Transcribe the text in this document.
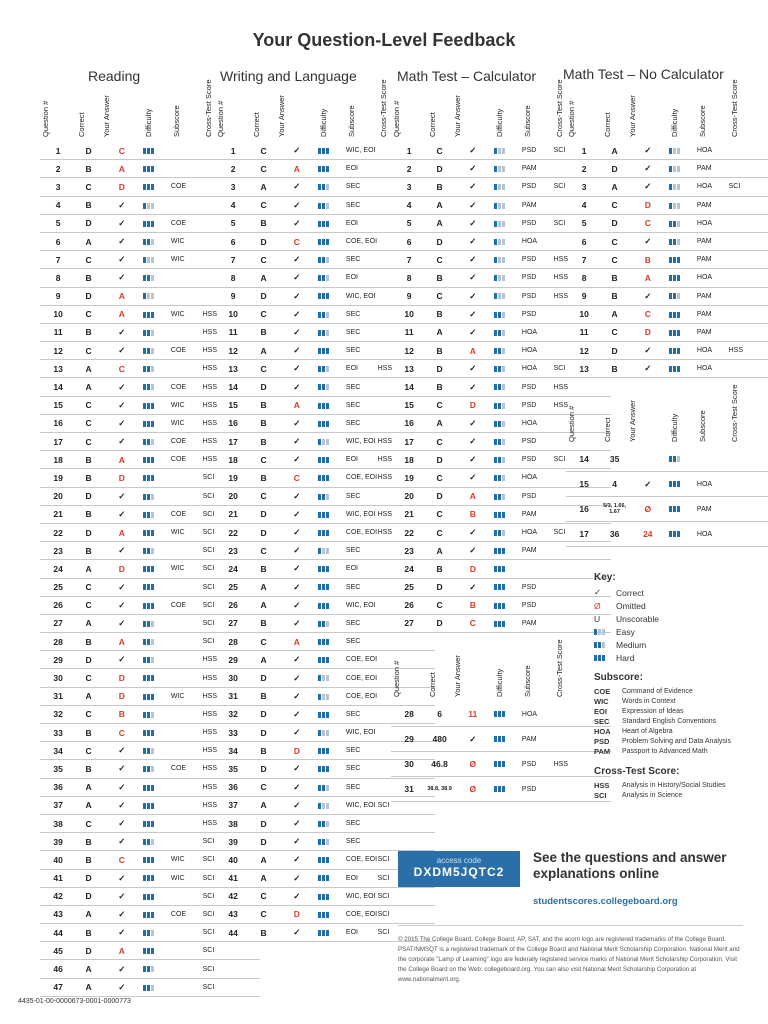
Your Question-Level Feedback
Reading	Writing and Language	Math Test – Calculator Math Test – No Calculator
Question #	Correct	Your Answer	Difficulty	Subscore	Cross-Test Score
1	D	C			
2	B	A			
3	C	D		COE	
4	B	✓			
5	D	✓		COE	
6	A	✓		WIC	
7	C	✓		WIC	
8	B	✓			
9	D	A			
10	C	A		WIC	HSS
11	B	✓			HSS
12	C	✓		COE	HSS
13	A	C			HSS
14	A	✓		COE	HSS
15	C	✓		WIC	HSS
16	C	✓		WIC	HSS
17	C	✓		COE	HSS
18	B	A		COE	HSS
19	B	D			SCI
20	D	✓			SCI
21	B	✓		COE	SCI
22	D	A		WIC	SCI
23	B	✓			SCI
24	A	D		WIC	SCI
25	C	✓			SCI
26	C	✓		COE	SCI
27	A	✓			SCI
28	B	A			SCI
29	D	✓			HSS
30	C	D			HSS
31	A	D		WIC	HSS
32	C	B			HSS
33	B	C			HSS
34	C	✓			HSS
35	B	✓		COE	HSS
36	A	✓			HSS
37	A	✓			HSS
38	C	✓			HSS
39	B	✓			SCI
40	B	C		WIC	SCI
41	D	✓		WIC	SCI
42	D	✓			SCI
43	A	✓		COE	SCI
44	B	✓			SCI
45	D	A			SCI
46	A	✓			SCI
47	A	✓			SCI
Question #	Correct	Your Answer	Difficulty	Subscore	Cross-Test Score
1	C	✓		WIC, EOI	
2	C	A		EOI	
3	A	✓		SEC	
4	C	✓		SEC	
5	B	✓		EOI	
6	D	C		COE, EOI	
7	C	✓		SEC	
8	A	✓		EOI	
9	D	✓		WIC, EOI	
10	C	✓		SEC	
11	B	✓		SEC	
12	A	✓		SEC	
13	C	✓		EOI	HSS
14	D	✓		SEC	
15	B	A		SEC	
16	B	✓		SEC	
17	B	✓		WIC, EOI	HSS
18	C	✓		EOI	HSS
19	B	C		COE, EOI	HSS
20	C	✓		SEC	
21	D	✓		WIC, EOI	HSS
22	D	✓		COE, EOI	HSS
23	C	✓		SEC	
24	B	✓		EOI	
25	A	✓		SEC	
26	A	✓		WIC, EOI	
27	B	✓		SEC	
28	C	A		SEC	
29	A	✓		COE, EOI	
30	D	✓		COE, EOI	
31	B	✓		COE, EOI	
32	D	✓		SEC	
33	D	✓		WIC, EOI	
34	B	D		SEC	
35	D	✓		SEC	
36	C	✓		SEC	
37	A	✓		WIC, EOI	SCI
38	D	✓		SEC	
39	D	✓		SEC	
40	A	✓		COE, EOI	SCI
41	A	✓		EOI	SCI
42	C	✓		WIC, EOI	SCI
43	C	D		COE, EOI	SCI
44	B	✓		EOI	SCI
Question #	Correct	Your Answer	Difficulty	Subscore	Cross-Test Score
1	C	✓		PSD	SCI
2	D	✓		PAM	
3	B	✓		PSD	SCI
4	A	✓		PAM	
5	A	✓		PSD	SCI
6	D	✓		HOA	
7	C	✓		PSD	HSS
8	B	✓		PSD	HSS
9	C	✓		PSD	HSS
10	B	✓		PSD	
11	A	✓		HOA	
12	B	A		HOA	
13	D	✓		HOA	SCI
14	B	✓		PSD	HSS
15	C	D		PSD	HSS
16	A	✓		HOA	
17	C	✓		PSD	
18	D	✓		PSD	SCI
19	C	✓		HOA	
20	D	A		PSD	
21	C	B		PAM	
22	C	✓		HOA	SCI
23	A	✓		PAM	
24	B	D			
25	D	✓		PSD	
26	C	B		PSD	
27	D	C		PAM	
Question #	Correct	Your Answer	Difficulty	Subscore	Cross-Test Score
1	A	✓		HOA	
2	D	✓		PAM	
3	A	✓		HOA	SCI
4	C	D		PAM	
5	D	C		HOA	
6	C	✓		PAM	
7	C	B		PAM	
8	B	A		HOA	
9	B	✓		PAM	
10	A	C		PAM	
11	C	D		PAM	
12	D	✓		HOA	HSS
13	B	✓		HOA	
Question #	Correct	Your Answer	Difficulty	Subscore	Cross-Test Score
28	6	11		HOA	
29	480	✓		PAM	
30	46.8	Ø		PSD	HSS
31	38.8, 38.9	Ø		PSD	
Question #	Correct	Your Answer	Difficulty	Subscore	Cross-Test Score
14	35				
15	4	✓		HOA	
16	5/3, 1.66, 1.67	Ø		PAM	
17	36	24		HOA	
Key:
✓	Correct
Ø	Omitted
U	Unscorable
Easy
Medium
Hard
Subscore:
COE	Command of Evidence
WIC	Words in Context
EOI	Expression of Ideas
SEC	Standard English Conventions
HOA	Heart of Algebra
PSD	Problem Solving and Data Analysis
PAM	Passport to Advanced Math
Cross-Test Score:
HSS	Analysis in History/Social Studies
SCI	Analysis in Science
access code
DXDM5JQTC2
See the questions and answer explanations online
studentscores.collegeboard.org
© 2015 The College Board. College Board, AP, SAT, and the acorn logo are registered trademarks of the College Board. PSAT/NMSQT is a registered trademark of the College Board and National Merit Scholarship Corporation. National Merit and the corporate "Lamp of Learning" logo are federally registered service marks of National Merit Scholarship Corporation. Visit the College Board on the Web: collegeboard.org. You can also visit National Merit Scholarship Corporation at www.nationalmerit.org.
4435-01-00-0000673-0001-0000773
